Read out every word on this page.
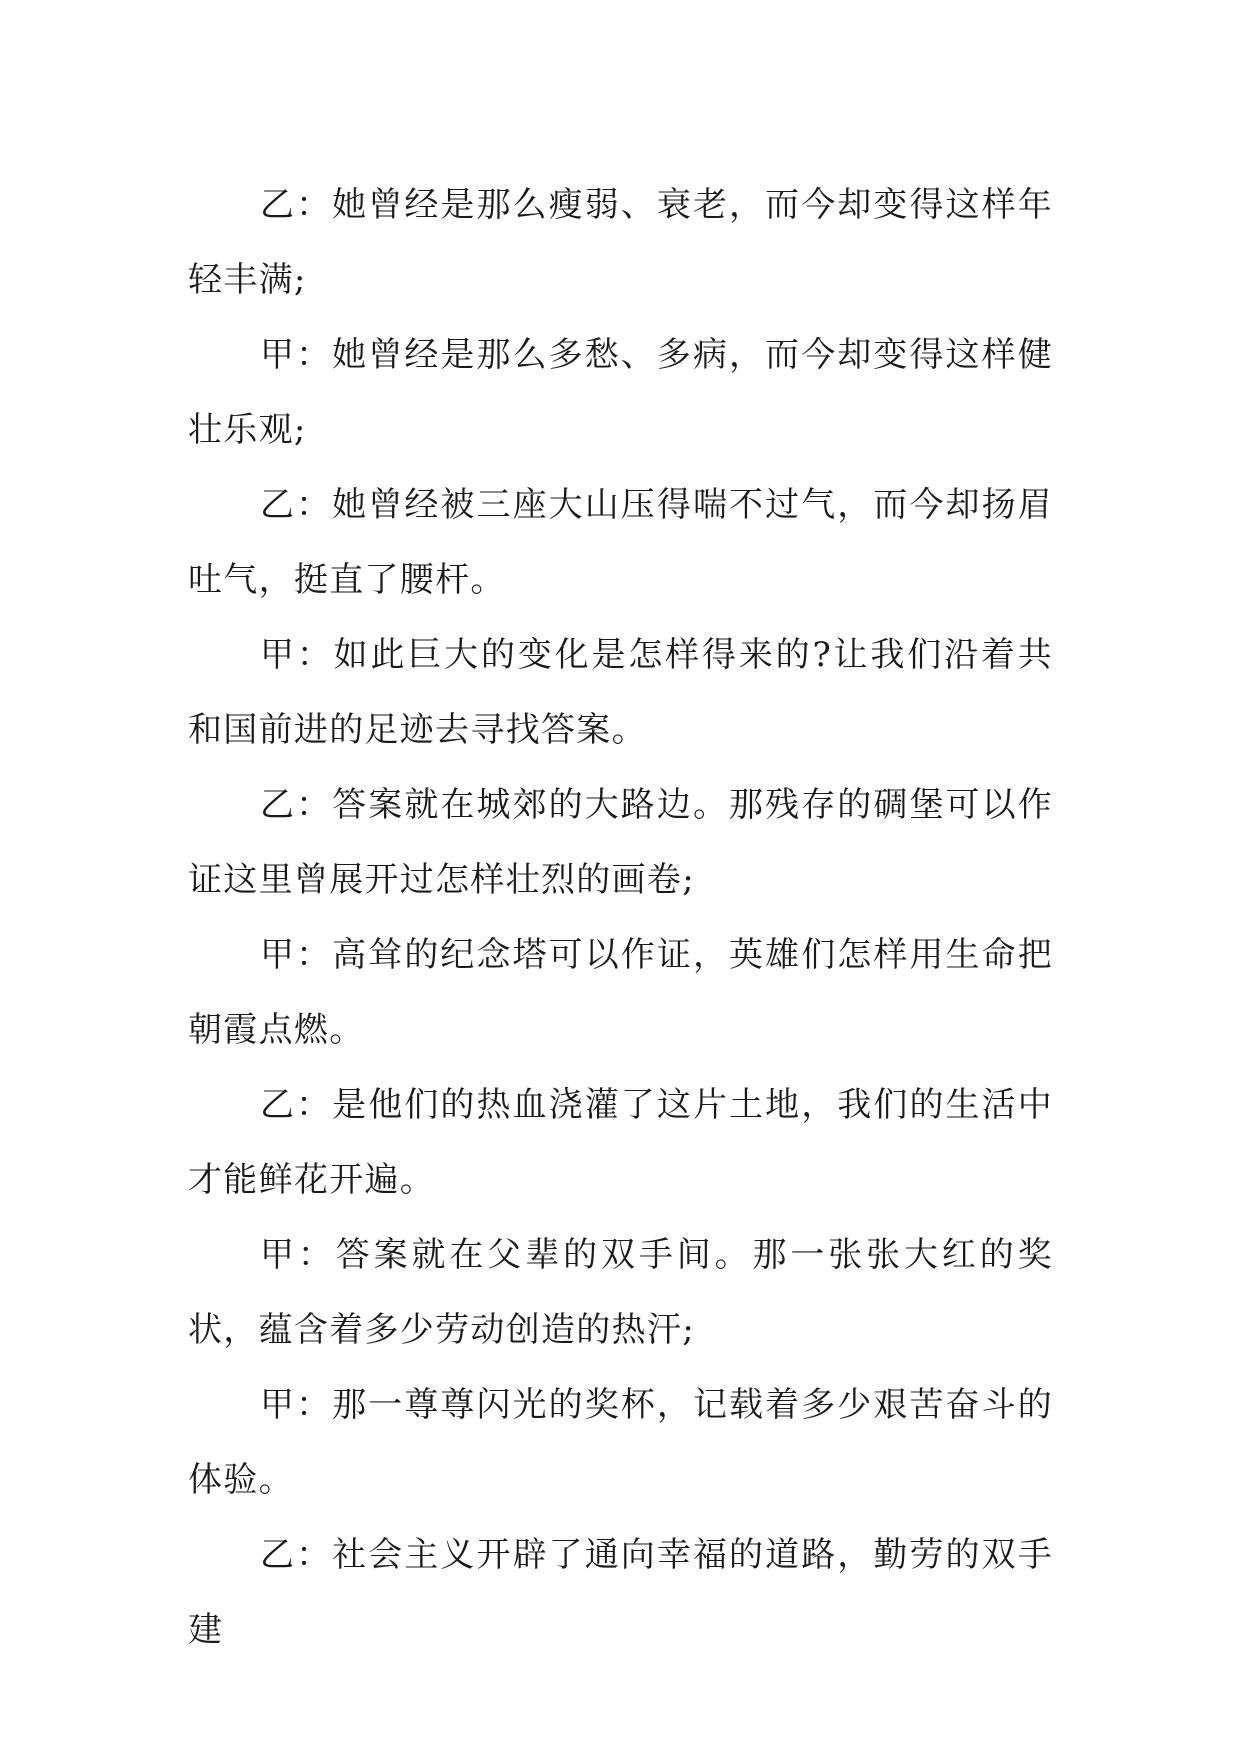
乙：她曾经是那么瘦弱、衰老，而今却变得这样年轻丰满;

甲：她曾经是那么多愁、多病，而今却变得这样健壮乐观;

乙：她曾经被三座大山压得喘不过气，而今却扬眉吐气，挺直了腰杆。

甲：如此巨大的变化是怎样得来的?让我们沿着共和国前进的足迹去寻找答案。

乙：答案就在城郊的大路边。那残存的碉堡可以作证这里曾展开过怎样壮烈的画卷;

甲：高耸的纪念塔可以作证，英雄们怎样用生命把朝霞点燃。

乙：是他们的热血浇灌了这片土地，我们的生活中才能鲜花开遍。

甲：答案就在父辈的双手间。那一张张大红的奖状，蕴含着多少劳动创造的热汗;

甲：那一尊尊闪光的奖杯，记载着多少艰苦奋斗的体验。

乙：社会主义开辟了通向幸福的道路，勤劳的双手建
